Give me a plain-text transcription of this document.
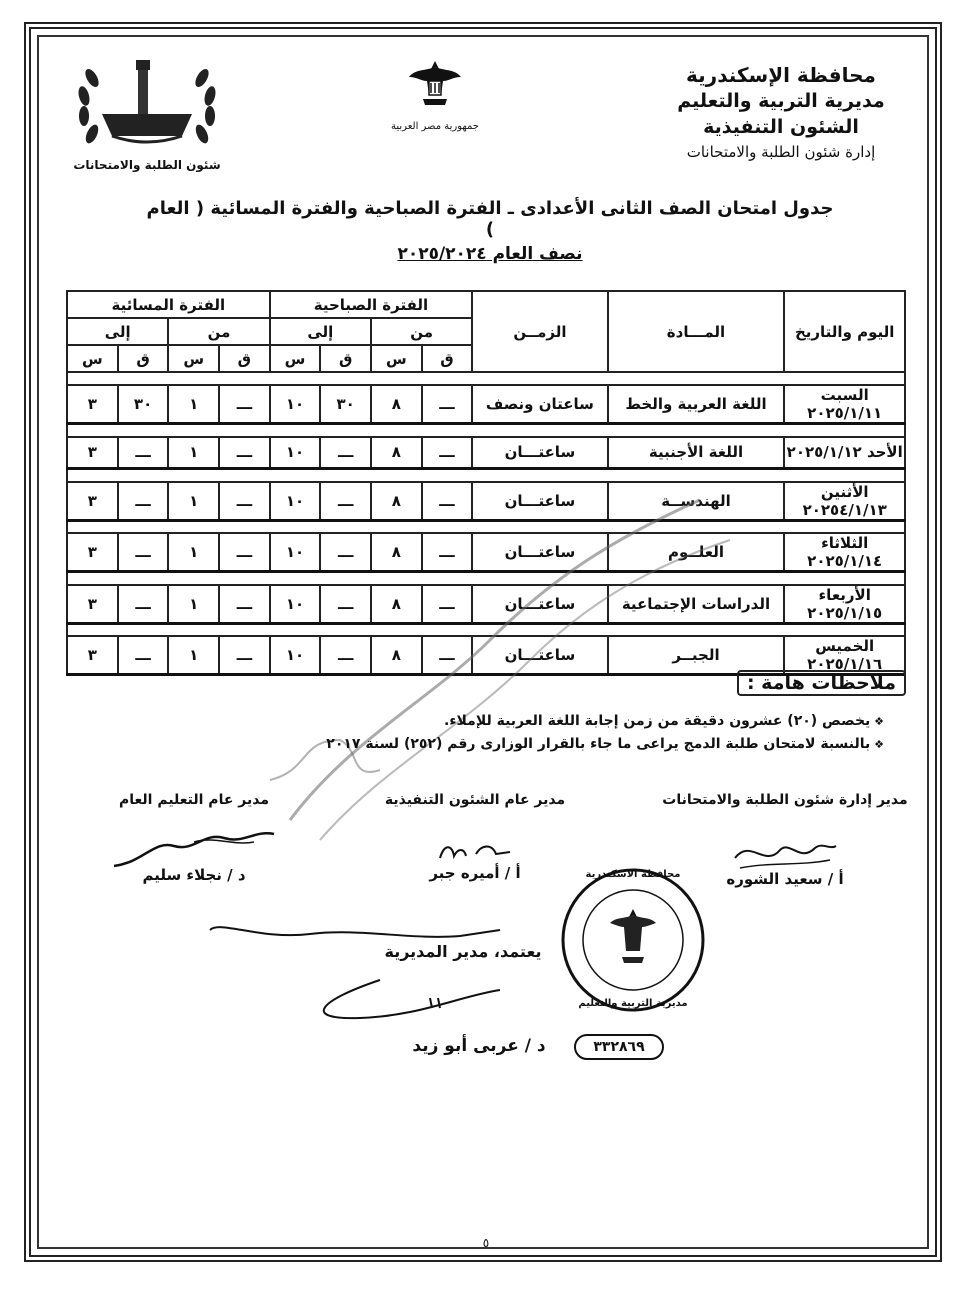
محافظة الإسكندرية
مديرية التربية والتعليم
الشئون التنفيذية
إدارة شئون الطلبة والامتحانات
جمهورية مصر العربية
شئون الطلبة والامتحانات
جدول امتحان الصف الثانى الأعدادى ـ الفترة الصباحية والفترة المسائية ( العام )
نصف العام ٢٠٢٥/٢٠٢٤
اليوم والتاريخ	المـــادة	الزمــن	الفترة الصباحية				الفترة المسائية			
			من		إلى		من		إلى	
			ق	س	ق	س	ق	س	ق	س

السبت ٢٠٢٥/١/١١	اللغة العربية والخط	ساعتان ونصف	ـــ	٨	٣٠	١٠	ـــ	١	٣٠	٣

الأحد ٢٠٢٥/١/١٢	اللغة الأجنبية	ساعتـــان	ـــ	٨	ـــ	١٠	ـــ	١	ـــ	٣

الأثنين ٢٠٢٥٤/١/١٣	الهندســة	ساعتـــان	ـــ	٨	ـــ	١٠	ـــ	١	ـــ	٣

الثلاثاء ٢٠٢٥/١/١٤	العلــوم	ساعتـــان	ـــ	٨	ـــ	١٠	ـــ	١	ـــ	٣

الأربعاء ٢٠٢٥/١/١٥	الدراسات الإجتماعية	ساعتـــان	ـــ	٨	ـــ	١٠	ـــ	١	ـــ	٣

الخميس ٢٠٢٥/١/١٦	الجبــر	ساعتـــان	ـــ	٨	ـــ	١٠	ـــ	١	ـــ	٣
ملاحظات هامة :
❖ يخصص (٢٠) عشرون دقيقة من زمن إجابة اللغة العربية للإملاء.
❖ بالنسبة لامتحان طلبة الدمج يراعى ما جاء بالقرار الوزارى رقم (٢٥٢) لسنة ٢٠١٧
مدير إدارة شئون الطلبة والامتحانات
أ / سعيد الشوره
مدير عام الشئون التنفيذية
أ / أميره جبر
مدير عام التعليم العام
د / نجلاء سليم	محافظة الاسكندرية
مديرية التربية والتعليم
يعتمد، مدير المديرية
د / عربى أبو زيد	٣٣٢٨٦٩
٥
